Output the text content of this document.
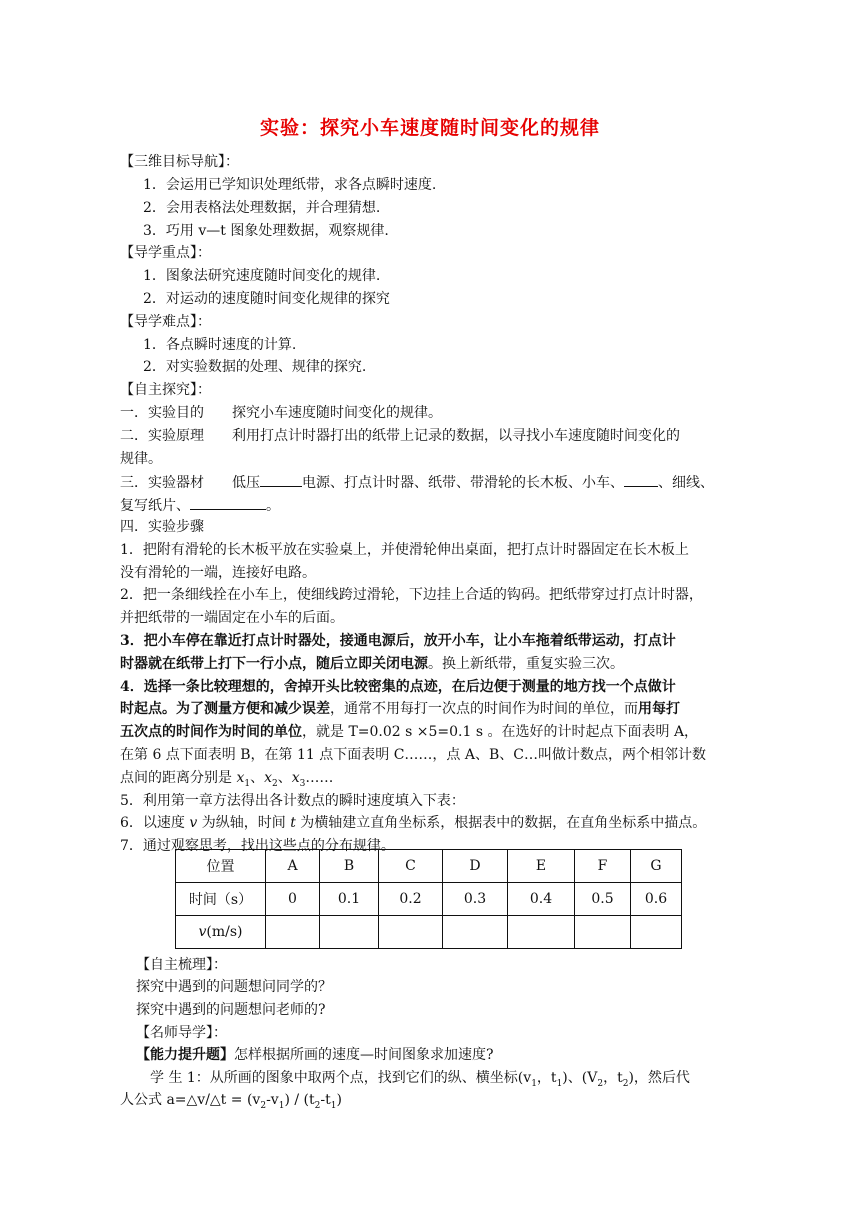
实验：探究小车速度随时间变化的规律
【三维目标导航】：
1．会运用已学知识处理纸带，求各点瞬时速度.
2．会用表格法处理数据，并合理猜想.
3．巧用 v—t 图象处理数据，观察规律.
【导学重点】：
1．图象法研究速度随时间变化的规律.
2．对运动的速度随时间变化规律的探究
【导学难点】：
1．各点瞬时速度的计算.
2．对实验数据的处理、规律的探究.
【自主探究】：
一．实验目的　　探究小车速度随时间变化的规律。
二．实验原理　　利用打点计时器打出的纸带上记录的数据，以寻找小车速度随时间变化的
规律。
三．实验器材　　低压	电源、打点计时器、纸带、带滑轮的长木板、小车、 、细线、
复写纸片、	。
四．实验步骤
1．把附有滑轮的长木板平放在实验桌上，并使滑轮伸出桌面，把打点计时器固定在长木板上
没有滑轮的一端，连接好电路。
2．把一条细线拴在小车上，使细线跨过滑轮，下边挂上合适的钩码。把纸带穿过打点计时器，
并把纸带的一端固定在小车的后面。
3．把小车停在靠近打点计时器处，接通电源后，放开小车，让小车拖着纸带运动，打点计
时器就在纸带上打下一行小点，随后立即关闭电源。换上新纸带，重复实验三次。
4．选择一条比较理想的，舍掉开头比较密集的点迹，在后边便于测量的地方找一个点做计
时起点。为了测量方便和减少误差，通常不用每打一次点的时间作为时间的单位，而用每打
五次点的时间作为时间的单位，就是 T=0.02 s ×5=0.1 s 。在选好的计时起点下面表明 A，
在第 6 点下面表明 B，在第 11 点下面表明 C……，点 A、B、C…叫做计数点，两个相邻计数
点间的距离分别是 $x_1$、$x_2$、$x_3\dots\dots$
5．利用第一章方法得出各计数点的瞬时速度填入下表：
6．以速度 v 为纵轴，时间 t 为横轴建立直角坐标系，根据表中的数据，在直角坐标系中描点。
7．通过观察思考，找出这些点的分布规律。
位置	A	B	C	D	E	F	G
时间（s）	0	0.1	0.2	0.3	0.4	0.5	0.6
v(m/s)							
【自主梳理】：
探究中遇到的问题想问同学的？
探究中遇到的问题想问老师的?
【名师导学】：
【能力提升题】怎样根据所画的速度—时间图象求加速度?
学 生 1：从所画的图象中取两个点，找到它们的纵、横坐标($v_1$，$t_1$)、($V_2$，$t_2$)，然后代
人公式 a=△v/△t = $(v_2-v_1) / (t_2-t_1)$
